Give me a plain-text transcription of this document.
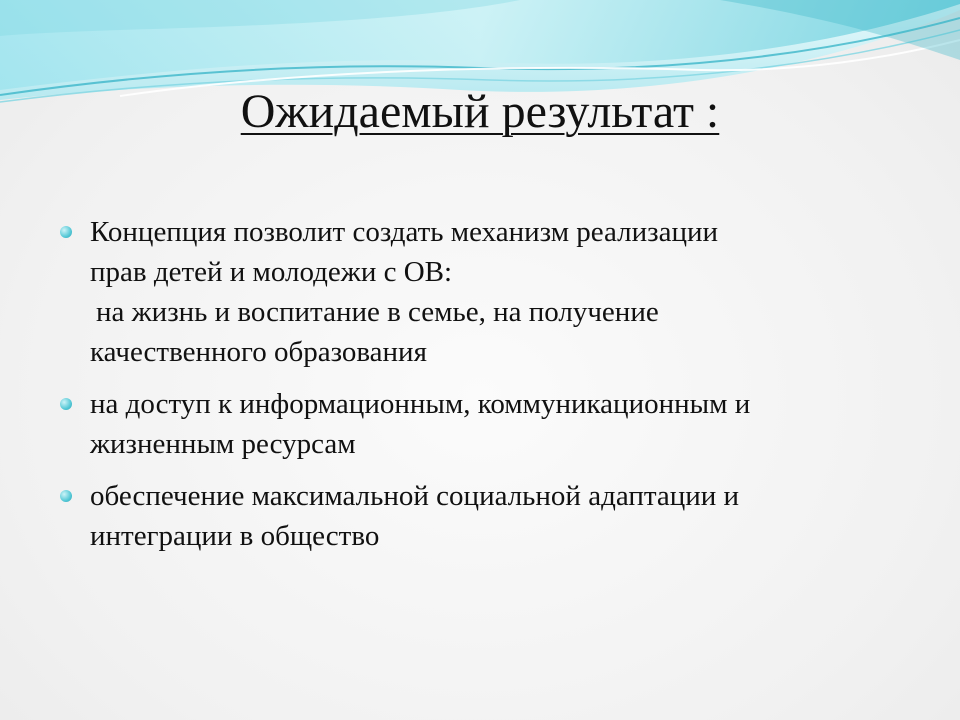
Ожидаемый результат :
Концепция позволит создать механизм реализации
прав детей и молодежи с ОВ:
на жизнь и воспитание в семье, на получение
качественного образования
на доступ к информационным, коммуникационным и
жизненным ресурсам
обеспечение максимальной социальной адаптации и
интеграции в общество
